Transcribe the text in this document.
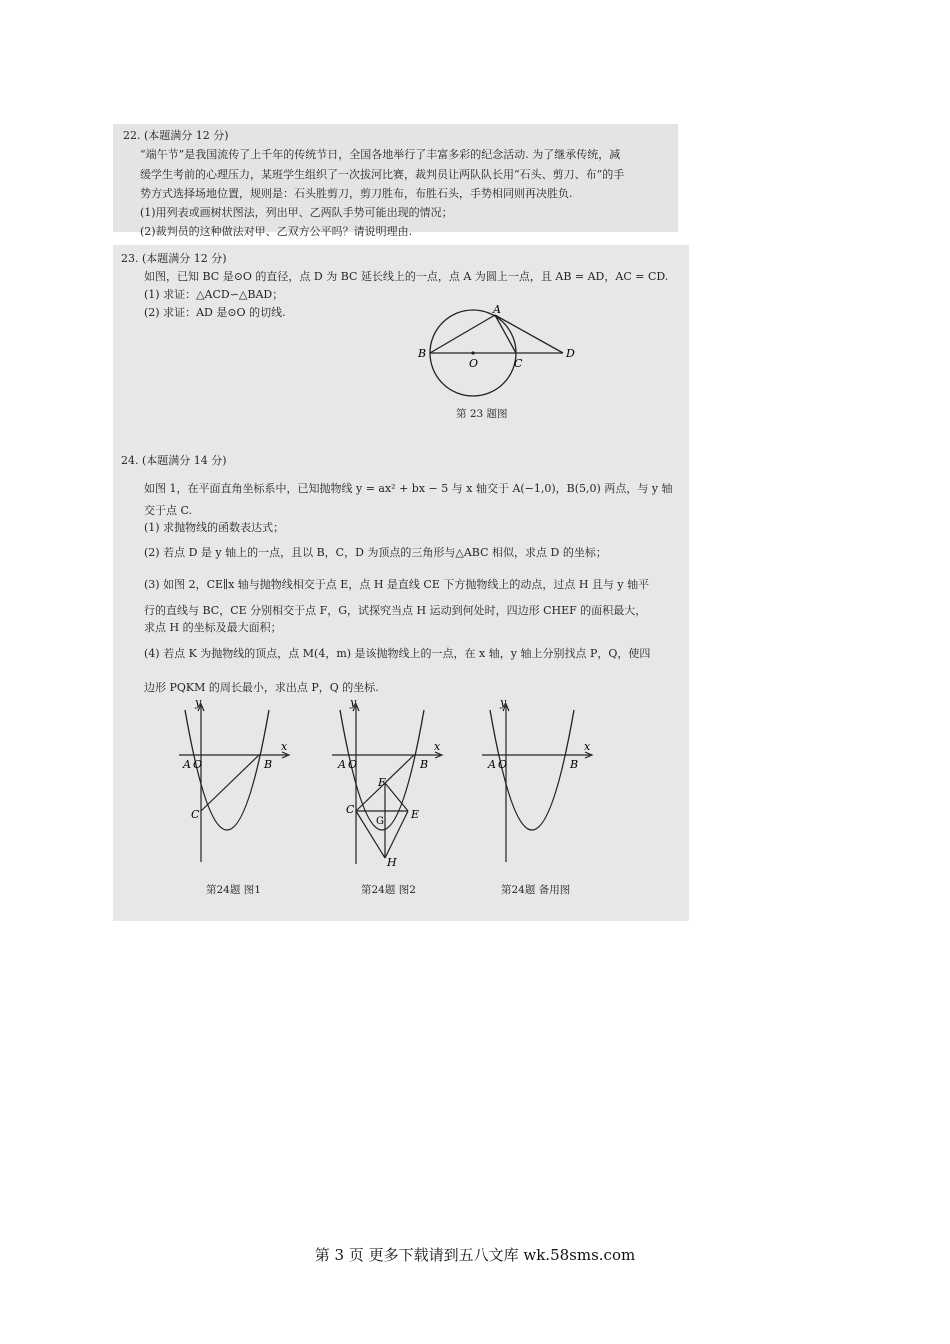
22. (本题满分 12 分)
“端午节”是我国流传了上千年的传统节日，全国各地举行了丰富多彩的纪念活动. 为了继承传统，减
缓学生考前的心理压力，某班学生组织了一次拔河比赛，裁判员让两队队长用“石头、剪刀、布”的手
势方式选择场地位置，规则是：石头胜剪刀，剪刀胜布，布胜石头，手势相同则再决胜负.
(1)用列表或画树状图法，列出甲、乙两队手势可能出现的情况；
(2)裁判员的这种做法对甲、乙双方公平吗？请说明理由.
23. (本题满分 12 分)
如图，已知 BC 是⊙O 的直径，点 D 为 BC 延长线上的一点，点 A 为圆上一点，且 AB = AD，AC = CD.
(1) 求证：△ACD∽△BAD；
(2) 求证：AD 是⊙O 的切线.	A
B
O	C
D
第 23 题图
24. (本题满分 14 分)
如图 1，在平面直角坐标系中，已知抛物线 y = ax² + bx − 5 与 x 轴交于 A(−1,0)，B(5,0) 两点，与 y 轴
交于点 C.
(1) 求抛物线的函数表达式；
(2) 若点 D 是 y 轴上的一点，且以 B，C，D 为顶点的三角形与△ABC 相似，求点 D 的坐标；
(3) 如图 2，CE∥x 轴与抛物线相交于点 E，点 H 是直线 CE 下方抛物线上的动点，过点 H 且与 y 轴平
行的直线与 BC，CE 分别相交于点 F，G，试探究当点 H 运动到何处时，四边形 CHEF 的面积最大，
求点 H 的坐标及最大面积；
(4) 若点 K 为抛物线的顶点，点 M(4，m) 是该抛物线上的一点，在 x 轴，y 轴上分别找点 P，Q，使四
边形 PQKM 的周长最小，求出点 P，Q 的坐标.
y
x
A O	B
C
第24题 图1
y
x
A O	B
C
F
G
E
H
第24题 图2
y
x
A O	B
第24题 备用图
第 3 页 更多下载请到五八文库 wk.58sms.com
